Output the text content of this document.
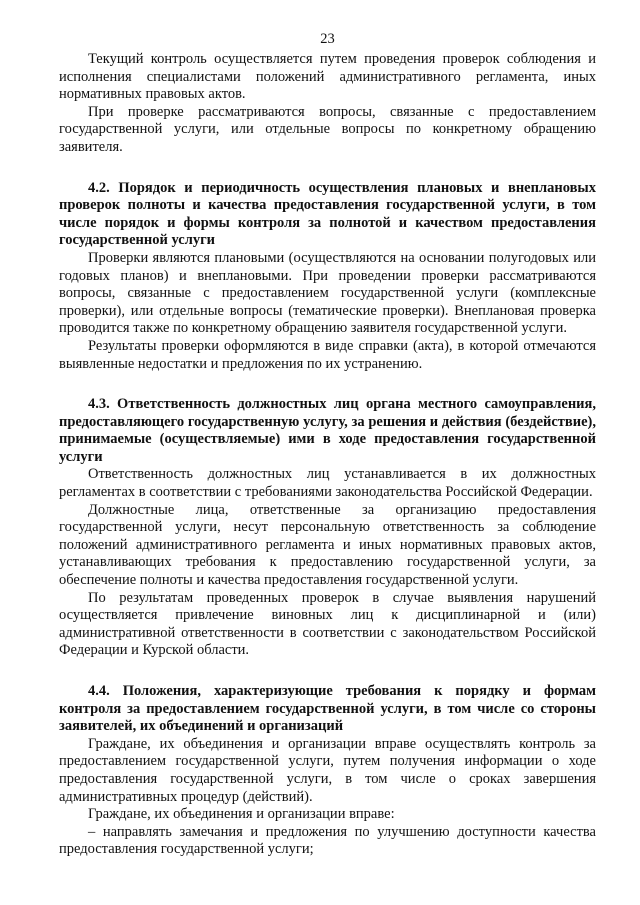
23

Текущий контроль осуществляется путем проведения проверок соблюдения и исполнения специалистами положений административного регламента, иных нормативных правовых актов.

При проверке рассматриваются вопросы, связанные с предоставлением государственной услуги, или отдельные вопросы по конкретному обращению заявителя.

4.2. Порядок и периодичность осуществления плановых и внеплановых проверок полноты и качества предоставления государственной услуги, в том числе порядок и формы контроля за полнотой и качеством предоставления государственной услуги

Проверки являются плановыми (осуществляются на основании полугодовых или годовых планов) и внеплановыми. При проведении проверки рассматриваются вопросы, связанные с предоставлением государственной услуги (комплексные проверки), или отдельные вопросы (тематические проверки). Внеплановая проверка проводится также по конкретному обращению заявителя государственной услуги.

Результаты проверки оформляются в виде справки (акта), в которой отмечаются выявленные недостатки и предложения по их устранению.

4.3. Ответственность должностных лиц органа местного самоуправления, предоставляющего государственную услугу, за решения и действия (бездействие), принимаемые (осуществляемые) ими в ходе предоставления государственной услуги

Ответственность должностных лиц устанавливается в их должностных регламентах в соответствии с требованиями законодательства Российской Федерации.

Должностные лица, ответственные за организацию предоставления государственной услуги, несут персональную ответственность за соблюдение положений административного регламента и иных нормативных правовых актов, устанавливающих требования к предоставлению государственной услуги, за обеспечение полноты и качества предоставления государственной услуги.

По результатам проведенных проверок в случае выявления нарушений осуществляется привлечение виновных лиц к дисциплинарной и (или) административной ответственности в соответствии с законодательством Российской Федерации и Курской области.

4.4. Положения, характеризующие требования к порядку и формам контроля за предоставлением государственной услуги, в том числе со стороны заявителей, их объединений и организаций

Граждане, их объединения и организации вправе осуществлять контроль за предоставлением государственной услуги, путем получения информации о ходе предоставления государственной услуги, в том числе о сроках завершения административных процедур (действий).

Граждане, их объединения и организации вправе:

– направлять замечания и предложения по улучшению доступности качества предоставления государственной услуги;
